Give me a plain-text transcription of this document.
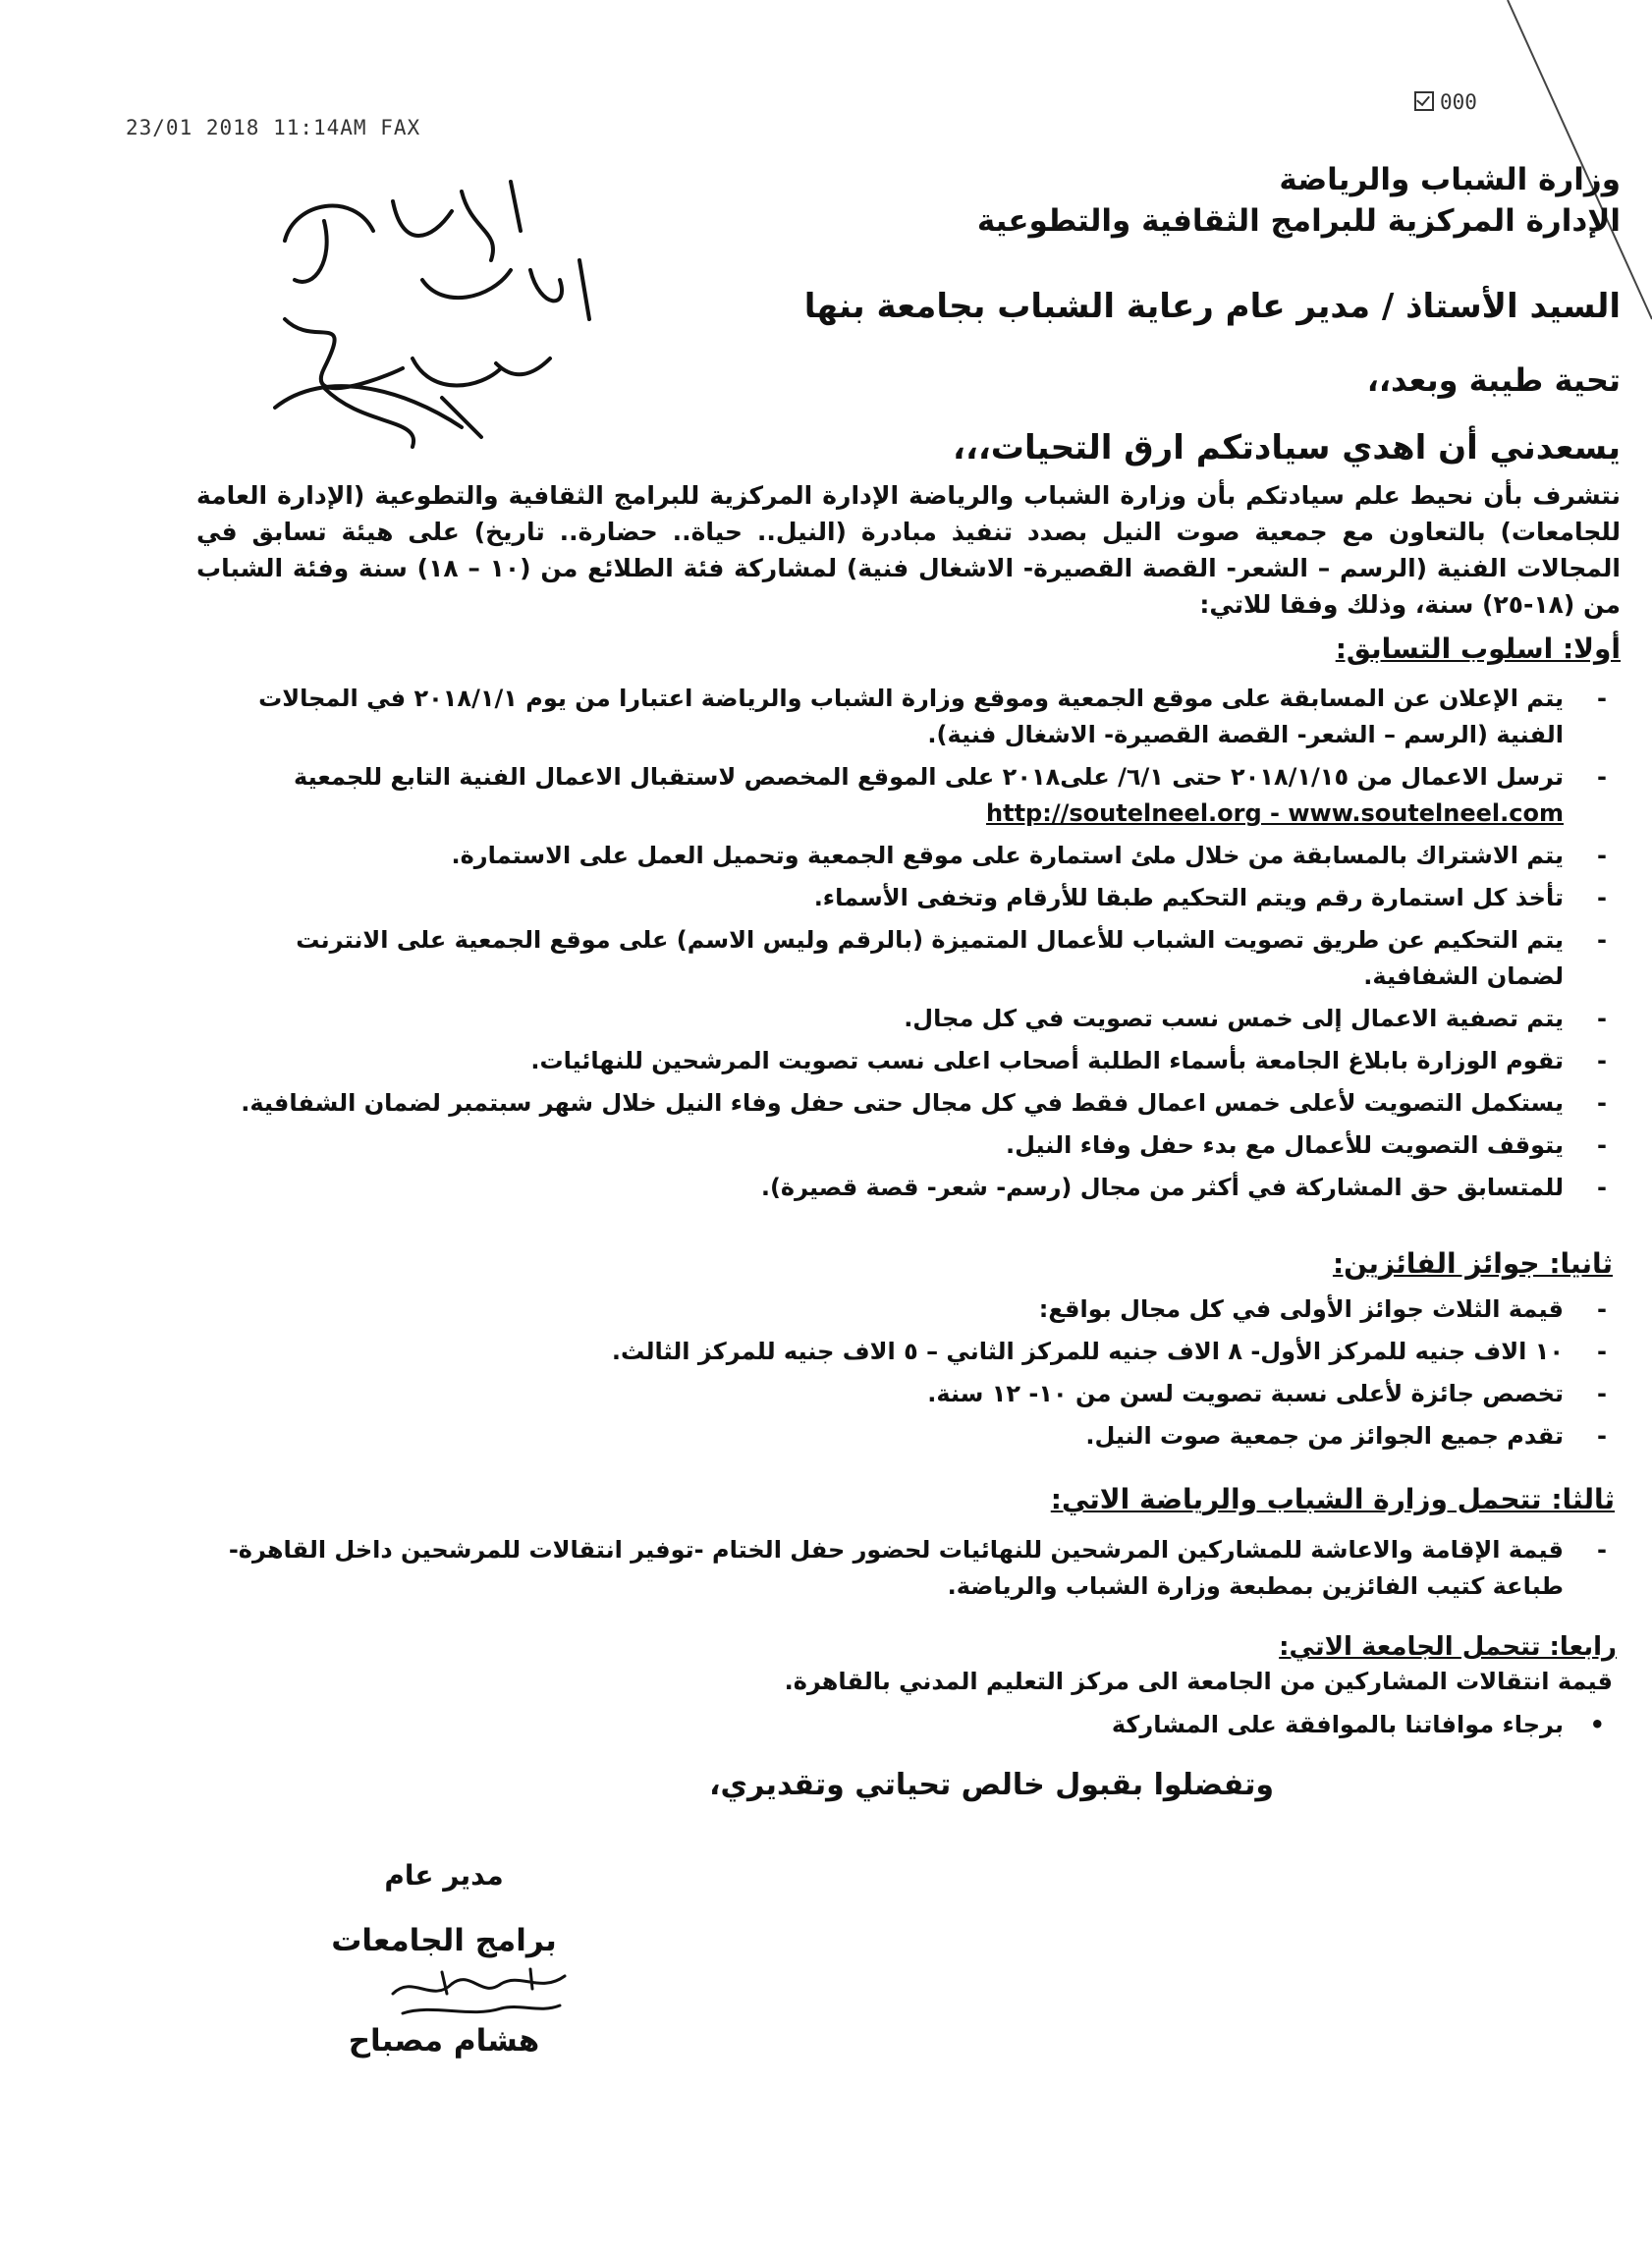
23/01 2018 11:14AM FAX
000
وزارة الشباب والرياضة
الإدارة المركزية للبرامج الثقافية والتطوعية
السيد الأستاذ / مدير عام رعاية الشباب بجامعة بنها
تحية طيبة وبعد،،
يسعدني أن اهدي سيادتكم ارق التحيات،،،
نتشرف بأن نحيط علم سيادتكم بأن وزارة الشباب والرياضة الإدارة المركزية للبرامج الثقافية والتطوعية (الإدارة العامة للجامعات) بالتعاون مع جمعية صوت النيل بصدد تنفيذ مبادرة (النيل.. حياة.. حضارة.. تاريخ) على هيئة تسابق في المجالات الفنية (الرسم – الشعر- القصة القصيرة- الاشغال فنية) لمشاركة فئة الطلائع من (١٠ – ١٨) سنة وفئة الشباب من (١٨-٢٥) سنة، وذلك وفقا للاتي:
أولا: اسلوب التسابق:
- يتم الإعلان عن المسابقة على موقع الجمعية وموقع وزارة الشباب والرياضة اعتبارا من يوم ٢٠١٨/١/١ في المجالات الفنية (الرسم – الشعر- القصة القصيرة- الاشغال فنية).
- ترسل الاعمال من ٢٠١٨/١/١٥ حتى ٦/١/ على٢٠١٨ على الموقع المخصص لاستقبال الاعمال الفنية التابع للجمعية
http://soutelneel.org - www.soutelneel.com
- يتم الاشتراك بالمسابقة من خلال ملئ استمارة على موقع الجمعية وتحميل العمل على الاستمارة.
- تأخذ كل استمارة رقم ويتم التحكيم طبقا للأرقام وتخفى الأسماء.
- يتم التحكيم عن طريق تصويت الشباب للأعمال المتميزة (بالرقم وليس الاسم) على موقع الجمعية على الانترنت لضمان الشفافية.
- يتم تصفية الاعمال إلى خمس نسب تصويت في كل مجال.
- تقوم الوزارة بابلاغ الجامعة بأسماء الطلبة أصحاب اعلى نسب تصويت المرشحين للنهائيات.
- يستكمل التصويت لأعلى خمس اعمال فقط في كل مجال حتى حفل وفاء النيل خلال شهر سبتمبر لضمان الشفافية.
- يتوقف التصويت للأعمال مع بدء حفل وفاء النيل.
- للمتسابق حق المشاركة في أكثر من مجال (رسم- شعر- قصة قصيرة).
ثانيا: جوائز الفائزين:
- قيمة الثلاث جوائز الأولى في كل مجال بواقع:
- ١٠ الاف جنيه للمركز الأول- ٨ الاف جنيه للمركز الثاني – ٥ الاف جنيه للمركز الثالث.
- تخصص جائزة لأعلى نسبة تصويت لسن من ١٠- ١٢ سنة.
- تقدم جميع الجوائز من جمعية صوت النيل.
ثالثا: تتحمل وزارة الشباب والرياضة الاتي:
- قيمة الإقامة والاعاشة للمشاركين المرشحين للنهائيات لحضور حفل الختام -توفير انتقالات للمرشحين داخل القاهرة-طباعة كتيب الفائزين بمطبعة وزارة الشباب والرياضة.
رابعا: تتحمل الجامعة الاتي:
قيمة انتقالات المشاركين من الجامعة الى مركز التعليم المدني بالقاهرة.
• برجاء موافاتنا بالموافقة على المشاركة
وتفضلوا بقبول خالص تحياتي وتقديري،
مدير عام
برامج الجامعات
هشام مصباح
